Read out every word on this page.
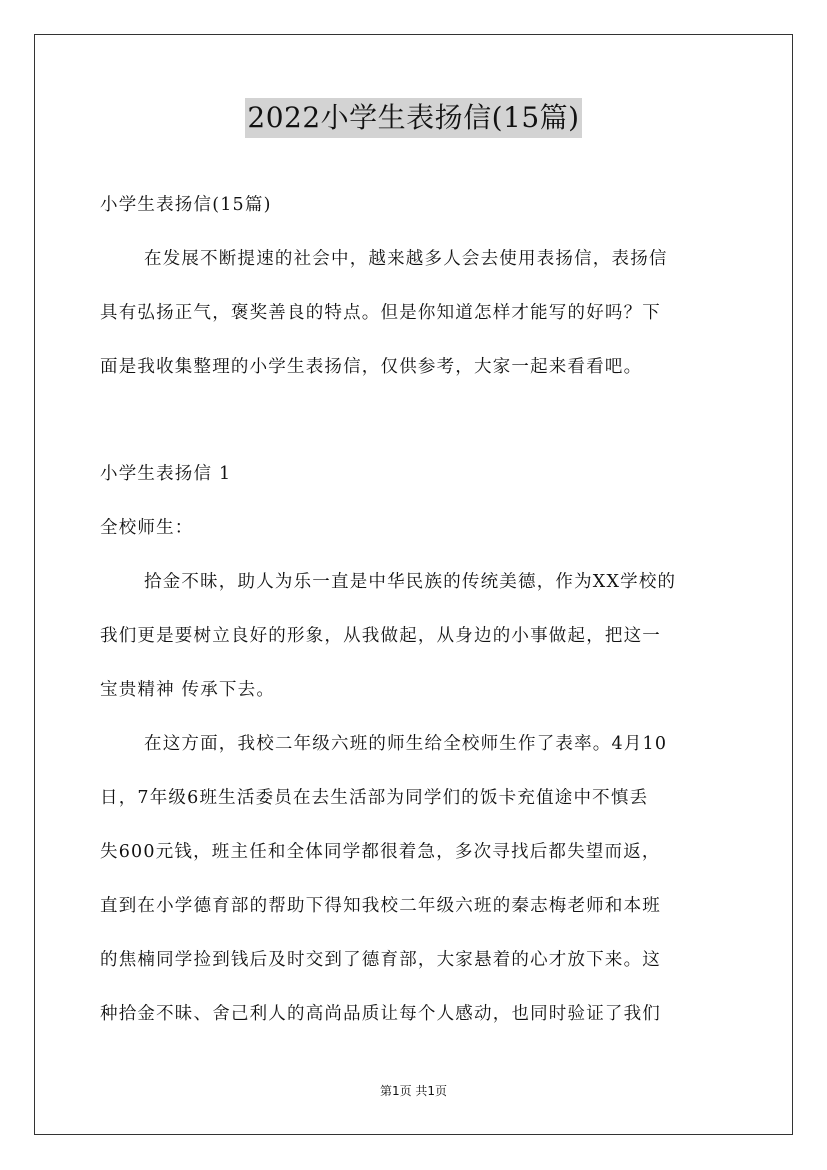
2022小学生表扬信(15篇)
小学生表扬信(15篇)
在发展不断提速的社会中，越来越多人会去使用表扬信，表扬信
具有弘扬正气，褒奖善良的特点。但是你知道怎样才能写的好吗？下
面是我收集整理的小学生表扬信，仅供参考，大家一起来看看吧。
小学生表扬信 1
全校师生：
拾金不昧，助人为乐一直是中华民族的传统美德，作为XX学校的
我们更是要树立良好的形象，从我做起，从身边的小事做起，把这一
宝贵精神 传承下去。
在这方面，我校二年级六班的师生给全校师生作了表率。4月10
日，7年级6班生活委员在去生活部为同学们的饭卡充值途中不慎丢
失600元钱，班主任和全体同学都很着急，多次寻找后都失望而返，
直到在小学德育部的帮助下得知我校二年级六班的秦志梅老师和本班
的焦楠同学捡到钱后及时交到了德育部，大家悬着的心才放下来。这
种拾金不昧、舍己利人的高尚品质让每个人感动，也同时验证了我们
第1页 共1页
